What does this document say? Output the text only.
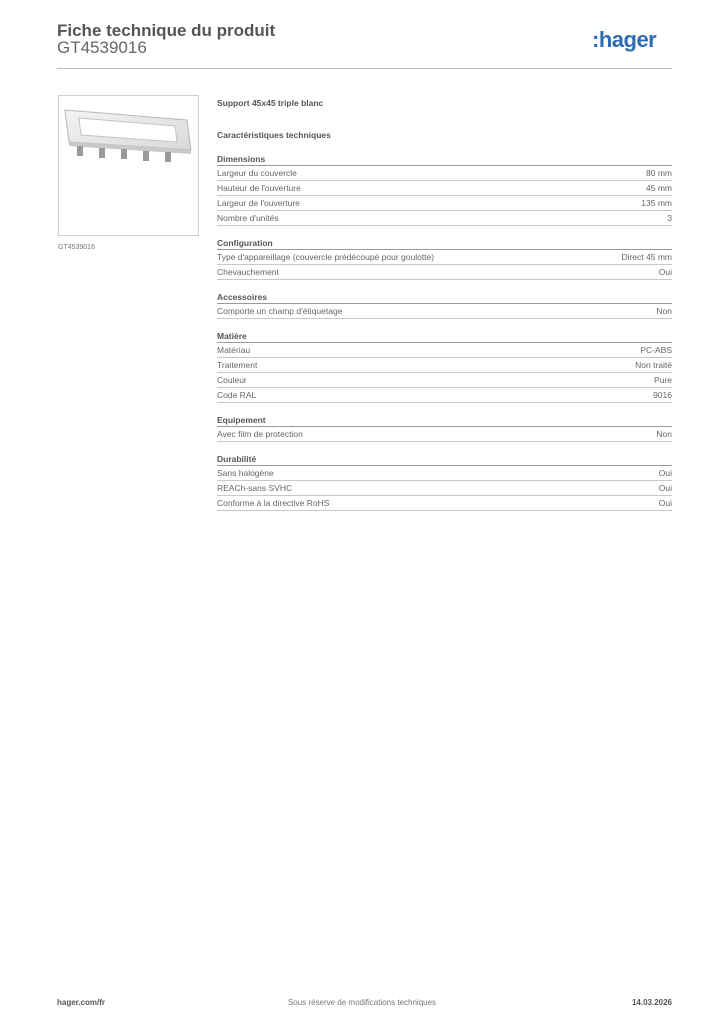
Fiche technique du produit
GT4539016	:hager
GT4539016
Support 45x45 triple blanc
Caractéristiques techniques
Dimensions
Largeur du couvercle	80 mm
Hauteur de l'ouverture	45 mm
Largeur de l'ouverture	135 mm
Nombre d'unités	3
Configuration
Type d'appareillage (couvercle prédécoupé pour goulotte)	Direct 45 mm
Chevauchement	Oui
Accessoires
Comporte un champ d'étiquetage	Non
Matière
Matériau	PC-ABS
Traitement	Non traité
Couleur	Pure
Code RAL	9016
Equipement
Avec film de protection	Non
Durabilité
Sans halogène	Oui
REACh-sans SVHC	Oui
Conforme à la directive RoHS	Oui
hager.com/fr	Sous réserve de modifications techniques	14.03.2026
